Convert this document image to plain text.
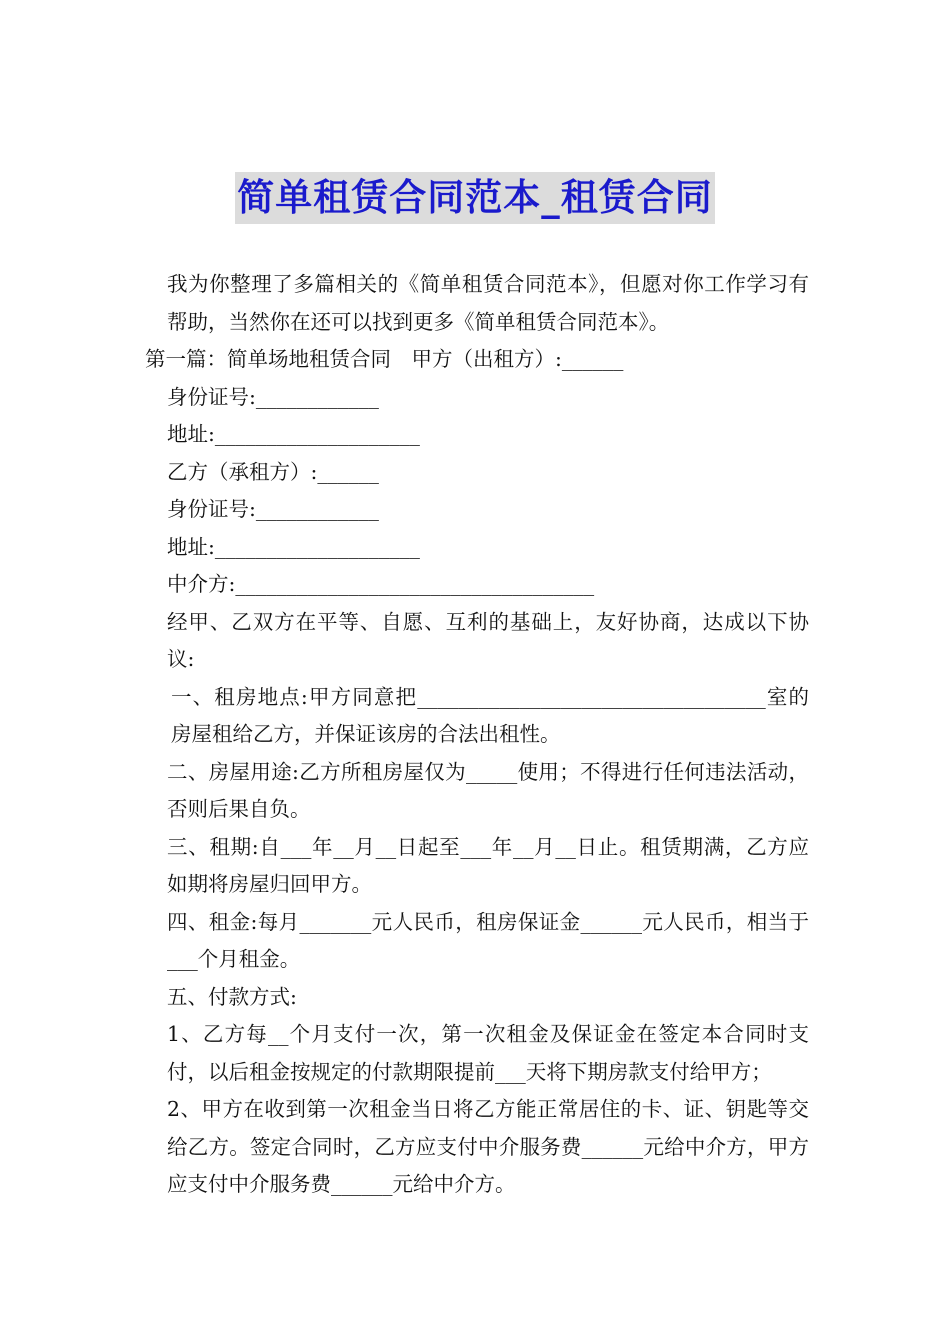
简单租赁合同范本_租赁合同

我为你整理了多篇相关的《简单租赁合同范本》，但愿对你工作学习有帮助，当然你在还可以找到更多《简单租赁合同范本》。

第一篇：简单场地租赁合同　甲方（出租方）:______

身份证号:____________

地址:____________________

乙方（承租方）:______

身份证号:____________

地址:____________________

中介方:___________________________________

经甲、乙双方在平等、自愿、互利的基础上，友好协商，达成以下协议:

一、租房地点:甲方同意把__________________________________室的房屋租给乙方，并保证该房的合法出租性。

二、房屋用途:乙方所租房屋仅为_____使用；不得进行任何违法活动，否则后果自负。

三、租期:自___年__月__日起至___年__月__日止。租赁期满，乙方应如期将房屋归回甲方。

四、租金:每月_______元人民币，租房保证金______元人民币，相当于___个月租金。

五、付款方式:

1、乙方每__个月支付一次，第一次租金及保证金在签定本合同时支付，以后租金按规定的付款期限提前___天将下期房款支付给甲方；

2、甲方在收到第一次租金当日将乙方能正常居住的卡、证、钥匙等交给乙方。签定合同时，乙方应支付中介服务费______元给中介方，甲方应支付中介服务费______元给中介方。
